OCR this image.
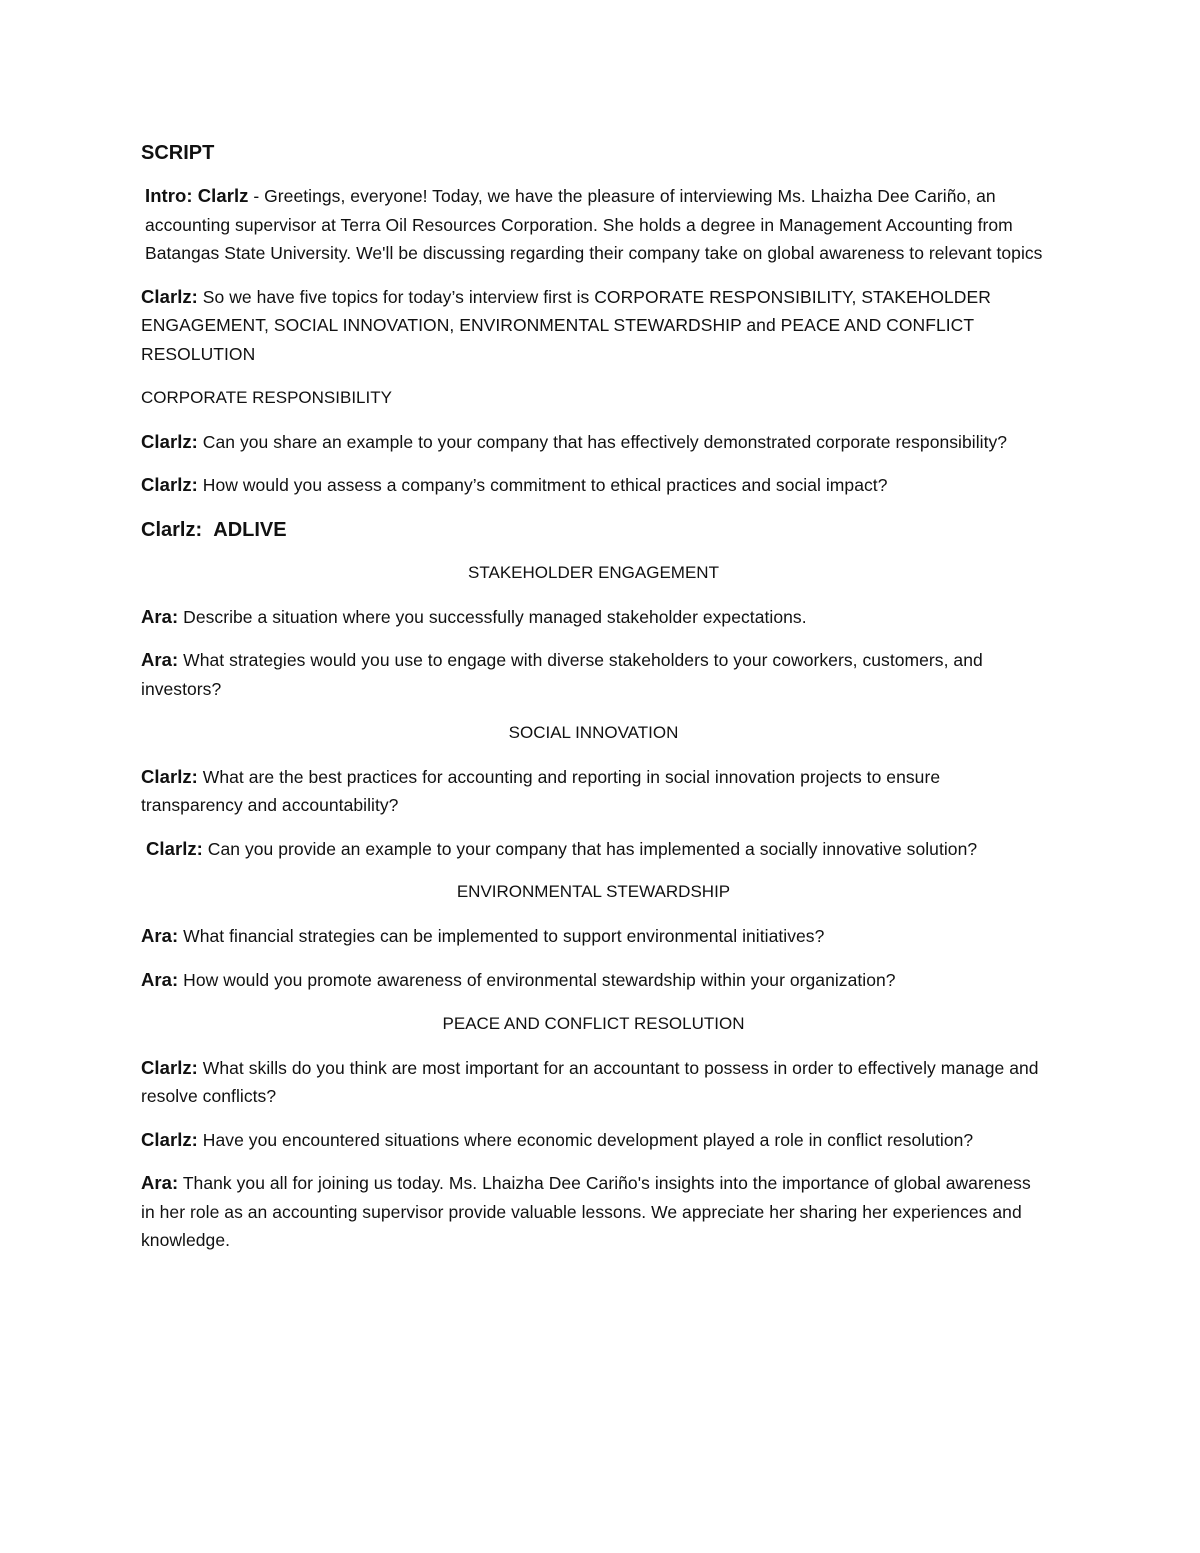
SCRIPT

Intro: Clarlz - Greetings, everyone! Today, we have the pleasure of interviewing Ms. Lhaizha Dee Cariño, an accounting supervisor at Terra Oil Resources Corporation. She holds a degree in Management Accounting from Batangas State University. We'll be discussing regarding their company take on global awareness to relevant topics

Clarlz: So we have five topics for today’s interview first is CORPORATE RESPONSIBILITY, STAKEHOLDER ENGAGEMENT, SOCIAL INNOVATION, ENVIRONMENTAL STEWARDSHIP and PEACE AND CONFLICT RESOLUTION

CORPORATE RESPONSIBILITY

Clarlz: Can you share an example to your company that has effectively demonstrated corporate responsibility?

Clarlz: How would you assess a company’s commitment to ethical practices and social impact?

Clarlz: ADLIVE
STAKEHOLDER ENGAGEMENT

Ara: Describe a situation where you successfully managed stakeholder expectations.

Ara: What strategies would you use to engage with diverse stakeholders to your coworkers, customers, and investors?

SOCIAL INNOVATION

Clarlz: What are the best practices for accounting and reporting in social innovation projects to ensure transparency and accountability?

Clarlz: Can you provide an example to your company that has implemented a socially innovative solution?

ENVIRONMENTAL STEWARDSHIP

Ara: What financial strategies can be implemented to support environmental initiatives?

Ara: How would you promote awareness of environmental stewardship within your organization?

PEACE AND CONFLICT RESOLUTION

Clarlz: What skills do you think are most important for an accountant to possess in order to effectively manage and resolve conflicts?

Clarlz: Have you encountered situations where economic development played a role in conflict resolution?

Ara: Thank you all for joining us today. Ms. Lhaizha Dee Cariño's insights into the importance of global awareness in her role as an accounting supervisor provide valuable lessons. We appreciate her sharing her experiences and knowledge.
